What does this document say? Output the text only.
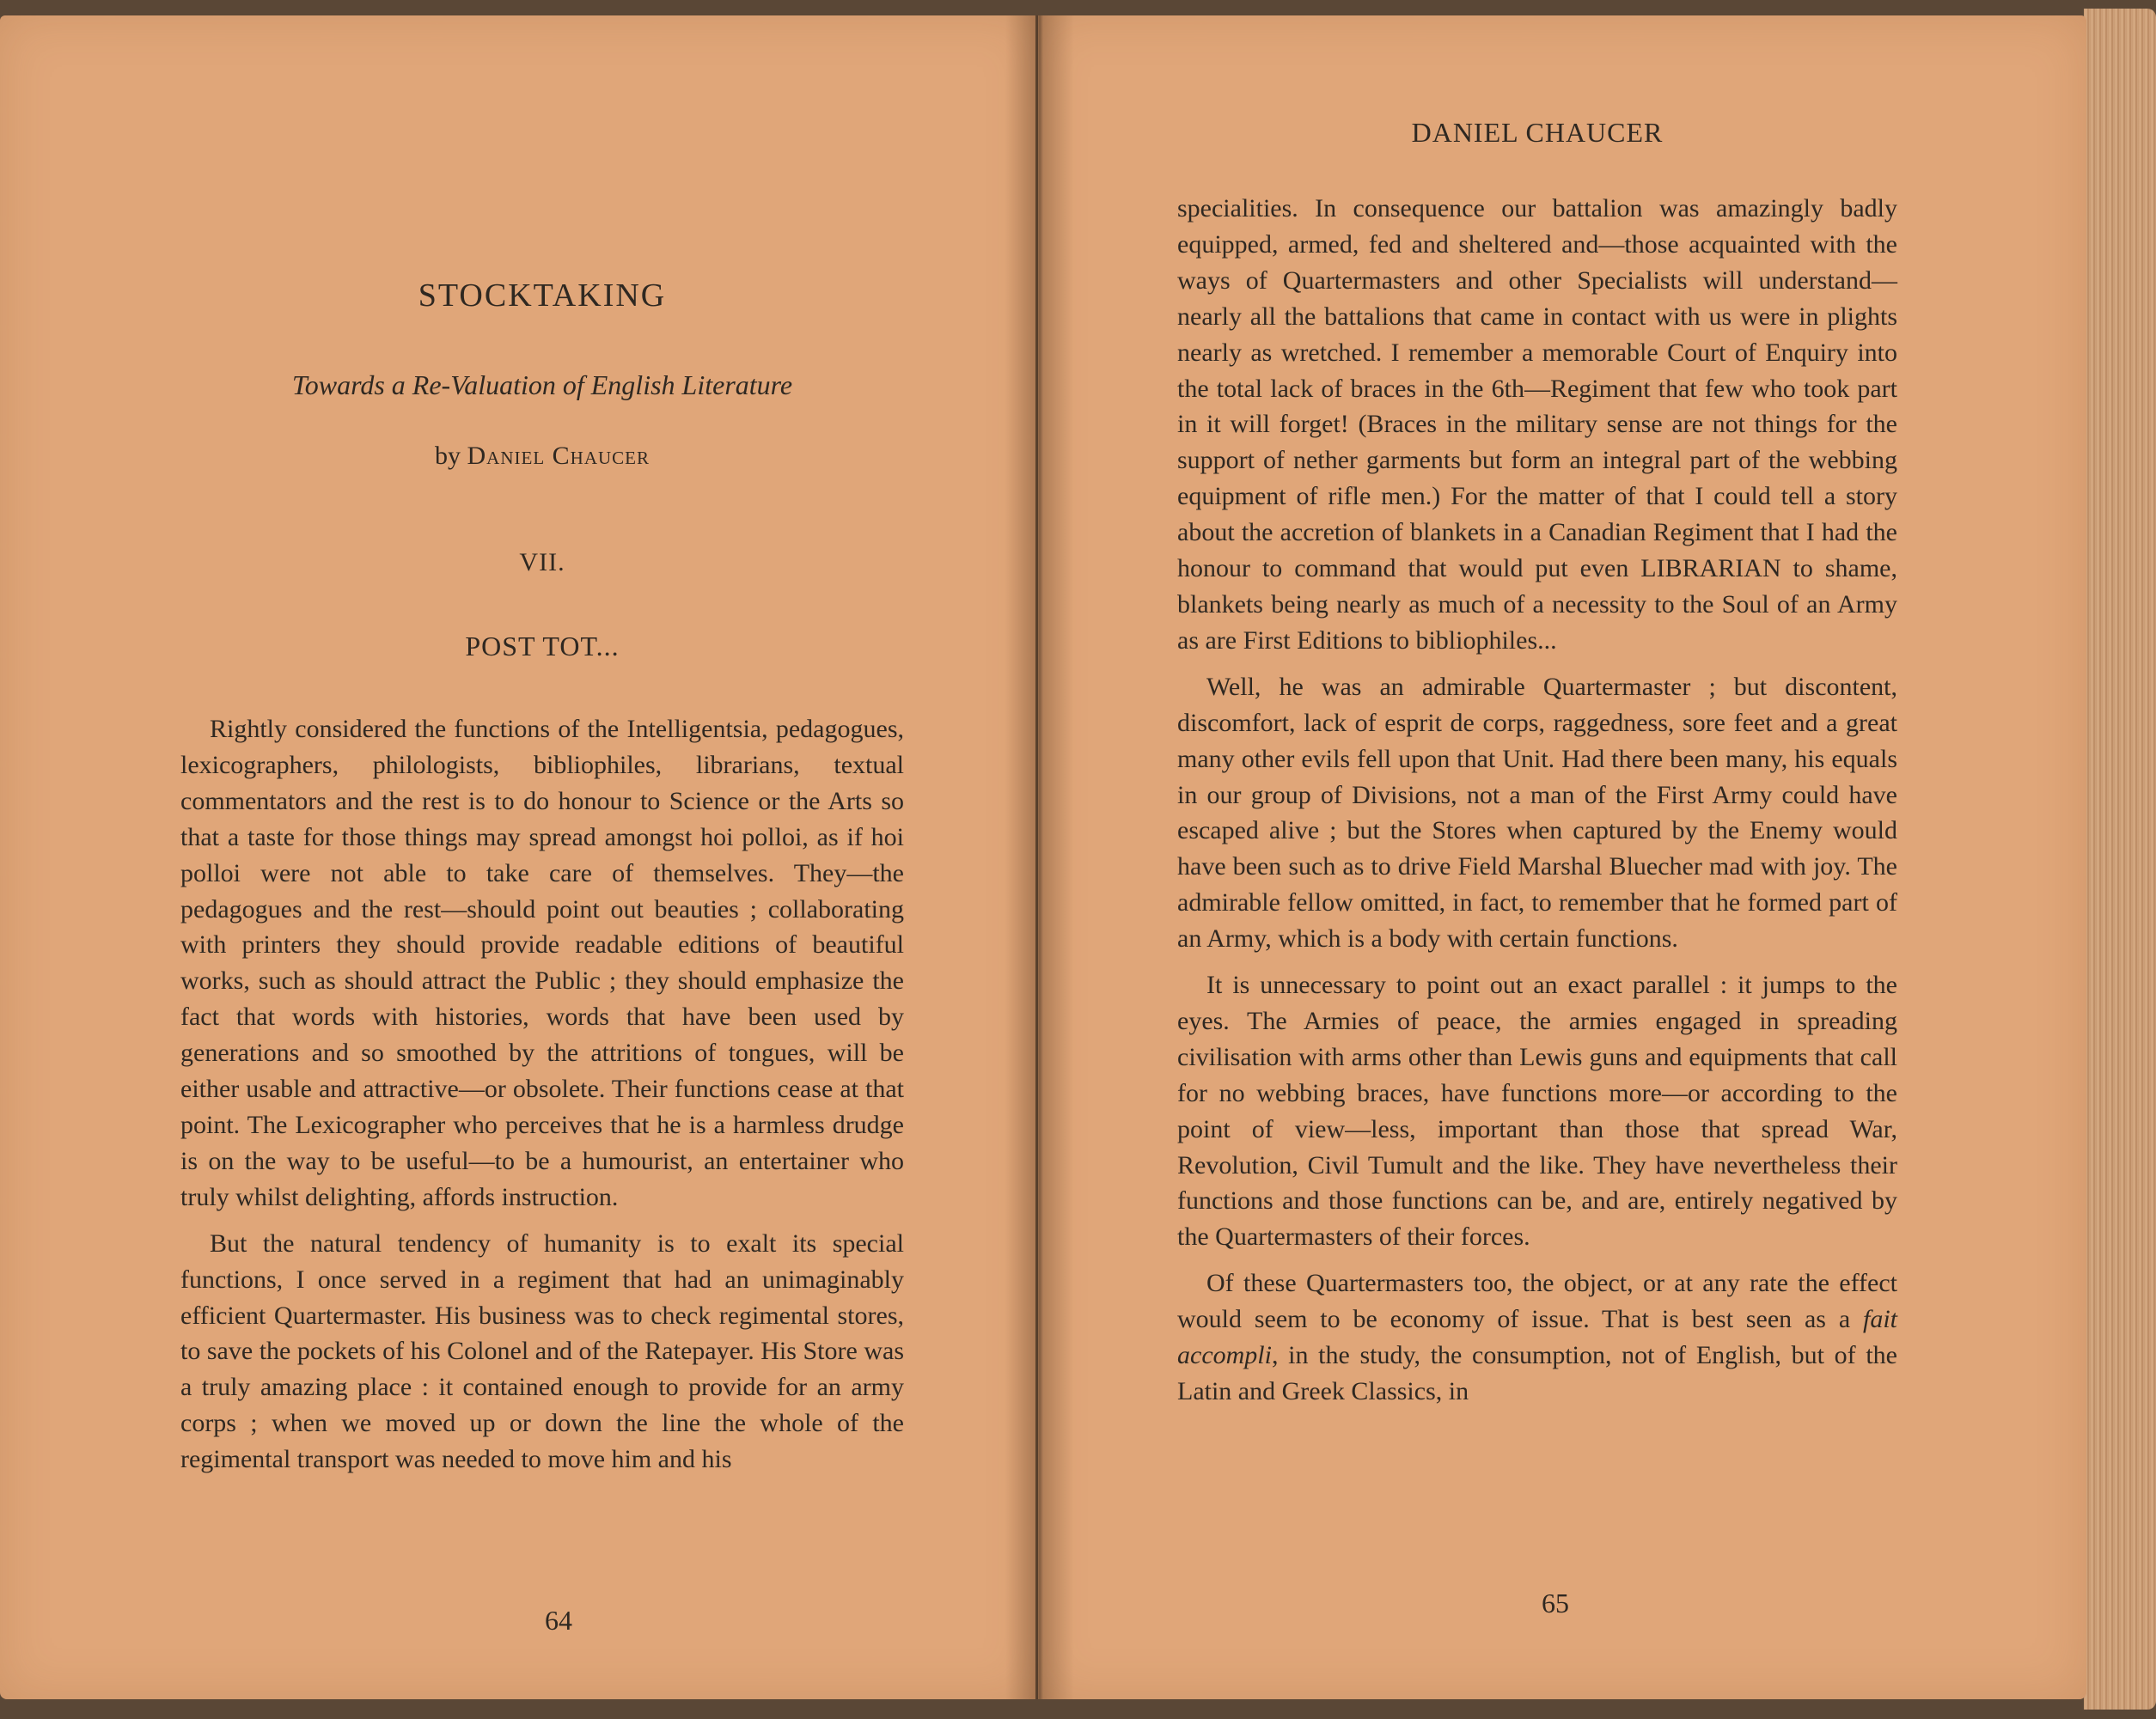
STOCKTAKING
Towards a Re-Valuation of English Literature
by Daniel Chaucer
VII.
POST TOT...

Rightly considered the functions of the Intelligentsia, pedagogues, lexicographers, philologists, bibliophiles, librarians, textual commentators and the rest is to do honour to Science or the Arts so that a taste for those things may spread amongst hoi polloi, as if hoi polloi were not able to take care of themselves. They—the pedagogues and the rest—should point out beauties ; collaborating with printers they should provide readable editions of beautiful works, such as should attract the Public ; they should emphasize the fact that words with histories, words that have been used by generations and so smoothed by the attritions of tongues, will be either usable and attractive—or obsolete. Their functions cease at that point. The Lexicographer who perceives that he is a harmless drudge is on the way to be useful—to be a humourist, an entertainer who truly whilst delighting, affords instruction.

But the natural tendency of humanity is to exalt its special functions, I once served in a regiment that had an unimaginably efficient Quartermaster. His business was to check regimental stores, to save the pockets of his Colonel and of the Ratepayer. His Store was a truly amazing place : it contained enough to provide for an army corps ; when we moved up or down the line the whole of the regimental transport was needed to move him and his

64
DANIEL CHAUCER

specialities. In consequence our battalion was amazingly badly equipped, armed, fed and sheltered and—those acquainted with the ways of Quartermasters and other Specialists will understand—nearly all the battalions that came in contact with us were in plights nearly as wretched. I remember a memorable Court of Enquiry into the total lack of braces in the 6th—Regiment that few who took part in it will forget! (Braces in the military sense are not things for the support of nether garments but form an integral part of the webbing equipment of rifle men.) For the matter of that I could tell a story about the accretion of blankets in a Canadian Regiment that I had the honour to command that would put even LIBRARIAN to shame, blankets being nearly as much of a necessity to the Soul of an Army as are First Editions to bibliophiles...

Well, he was an admirable Quartermaster ; but discontent, discomfort, lack of esprit de corps, raggedness, sore feet and a great many other evils fell upon that Unit. Had there been many, his equals in our group of Divisions, not a man of the First Army could have escaped alive ; but the Stores when captured by the Enemy would have been such as to drive Field Marshal Bluecher mad with joy. The admirable fellow omitted, in fact, to remember that he formed part of an Army, which is a body with certain functions.

It is unnecessary to point out an exact parallel : it jumps to the eyes. The Armies of peace, the armies engaged in spreading civilisation with arms other than Lewis guns and equipments that call for no webbing braces, have functions more—or according to the point of view—less, important than those that spread War, Revolution, Civil Tumult and the like. They have nevertheless their functions and those functions can be, and are, entirely negatived by the Quartermasters of their forces.

Of these Quartermasters too, the object, or at any rate the effect would seem to be economy of issue. That is best seen as a fait accompli, in the study, the consumption, not of English, but of the Latin and Greek Classics, in

65
